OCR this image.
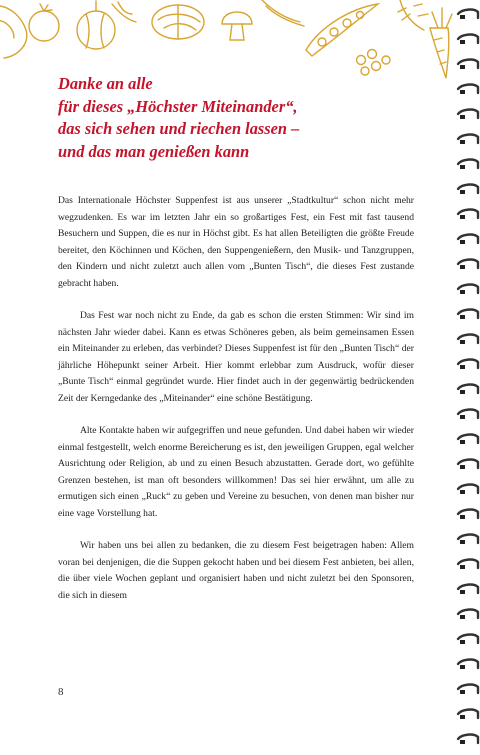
Danke an alle
für dieses „Höchster Miteinander“,
das sich sehen und riechen lassen –
und das man genießen kann

Das Internationale Höchster Suppenfest ist aus unserer „Stadtkultur“ schon nicht mehr wegzudenken. Es war im letzten Jahr ein so großartiges Fest, ein Fest mit fast tausend Besuchern und Suppen, die es nur in Höchst gibt. Es hat allen Beteiligten die größte Freude bereitet, den Köchinnen und Köchen, den Suppengenießern, den Musik- und Tanzgruppen, den Kindern und nicht zuletzt auch allen vom „Bunten Tisch“, die dieses Fest zustande gebracht haben.

Das Fest war noch nicht zu Ende, da gab es schon die ersten Stimmen: Wir sind im nächsten Jahr wieder dabei. Kann es etwas Schöneres geben, als beim gemeinsamen Essen ein Miteinander zu erleben, das verbindet? Dieses Suppenfest ist für den „Bunten Tisch“ der jährliche Höhepunkt seiner Arbeit. Hier kommt erlebbar zum Ausdruck, wofür dieser „Bunte Tisch“ einmal gegründet wurde. Hier findet auch in der gegenwärtig bedrückenden Zeit der Kerngedanke des „Miteinander“ eine schöne Bestätigung.

Alte Kontakte haben wir aufgegriffen und neue gefunden. Und dabei haben wir wieder einmal festgestellt, welch enorme Bereicherung es ist, den jeweiligen Gruppen, egal welcher Ausrichtung oder Religion, ab und zu einen Besuch abzustatten. Gerade dort, wo gefühlte Grenzen bestehen, ist man oft besonders willkommen! Das sei hier erwähnt, um alle zu ermutigen sich einen „Ruck“ zu geben und Vereine zu besuchen, von denen man bisher nur eine vage Vorstellung hat.

Wir haben uns bei allen zu bedanken, die zu diesem Fest beigetragen haben: Allem voran bei denjenigen, die die Suppen gekocht haben und bei diesem Fest anbieten, bei allen, die über viele Wochen geplant und organisiert haben und nicht zuletzt bei den Sponsoren, die sich in diesem

8
